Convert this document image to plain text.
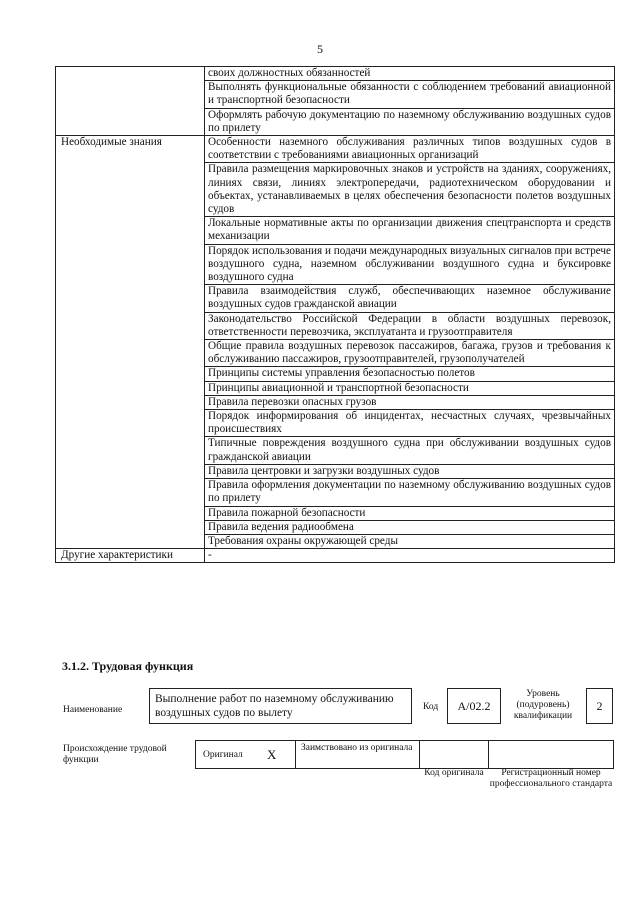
5
	своих должностных обязанностей
	Выполнять функциональные обязанности с соблюдением требований авиационной и транспортной безопасности
	Оформлять рабочую документацию по наземному обслуживанию воздушных судов по прилету
Необходимые знания	Особенности наземного обслуживания различных типов воздушных судов в соответствии с требованиями авиационных организаций
	Правила размещения маркировочных знаков и устройств на зданиях, сооружениях, линиях связи, линиях электропередачи, радиотехническом оборудовании и объектах, устанавливаемых в целях обеспечения безопасности полетов воздушных судов
	Локальные нормативные акты по организации движения спецтранспорта и средств механизации
	Порядок использования и подачи международных визуальных сигналов при встрече воздушного судна, наземном обслуживании воздушного судна и буксировке воздушного судна
	Правила взаимодействия служб, обеспечивающих наземное обслуживание воздушных судов гражданской авиации
	Законодательство Российской Федерации в области воздушных перевозок, ответственности перевозчика, эксплуатанта и грузоотправителя
	Общие правила воздушных перевозок пассажиров, багажа, грузов и требования к обслуживанию пассажиров, грузоотправителей, грузополучателей
	Принципы системы управления безопасностью полетов
	Принципы авиационной и транспортной безопасности
	Правила перевозки опасных грузов
	Порядок информирования об инцидентах, несчастных случаях, чрезвычайных происшествиях
	Типичные повреждения воздушного судна при обслуживании воздушных судов гражданской авиации
	Правила центровки и загрузки воздушных судов
	Правила оформления документации по наземному обслуживанию воздушных судов по прилету
	Правила пожарной безопасности
	Правила ведения радиообмена
	Требования охраны окружающей среды
Другие характеристики	-
3.1.2. Трудовая функция
Наименование
Выполнение работ по наземному обслуживанию воздушных судов по вылету	Код	А/02.2
Уровень (подуровень) квалификации
2
Происхождение трудовой функции	Оригинал X	Заимствовано из оригинала
Код оригинала	Регистрационный номер профессионального стандарта
